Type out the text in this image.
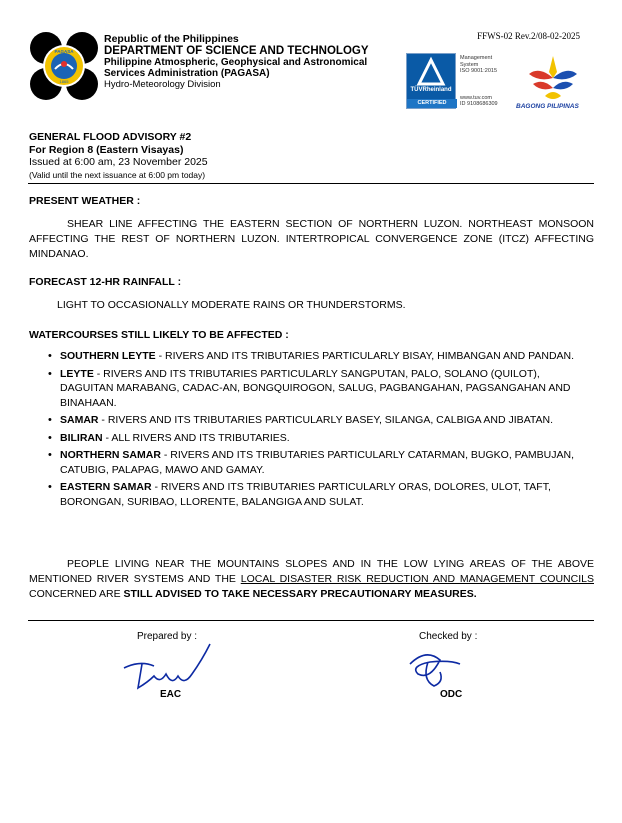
FFWS-02 Rev.2/08-02-2025
PAGASA
1865
Republic of the Philippines
DEPARTMENT OF SCIENCE AND TECHNOLOGY
Philippine Atmospheric, Geophysical and Astronomical
Services Administration (PAGASA)
Hydro-Meteorology Division	TÜVRheinland
CERTIFIED
Management
System
ISO 9001:2015
www.tuv.com
ID 9108686309	BAGONG PILIPINAS
GENERAL FLOOD ADVISORY #2
For Region 8 (Eastern Visayas)
Issued at 6:00 am, 23 November 2025
(Valid until the next issuance at 6:00 pm today)
PRESENT WEATHER :
SHEAR LINE AFFECTING THE EASTERN SECTION OF NORTHERN LUZON. NORTHEAST MONSOON AFFECTING THE REST OF NORTHERN LUZON. INTERTROPICAL CONVERGENCE ZONE (ITCZ) AFFECTING MINDANAO.
FORECAST 12-HR RAINFALL :
LIGHT TO OCCASIONALLY MODERATE RAINS OR THUNDERSTORMS.
WATERCOURSES STILL LIKELY TO BE AFFECTED :
• SOUTHERN LEYTE - RIVERS AND ITS TRIBUTARIES PARTICULARLY BISAY, HIMBANGAN AND PANDAN.
• LEYTE - RIVERS AND ITS TRIBUTARIES PARTICULARLY SANGPUTAN, PALO, SOLANO (QUILOT), DAGUITAN MARABANG, CADAC-AN, BONGQUIROGON, SALUG, PAGBANGAHAN, PAGSANGAHAN AND BINAHAAN.
• SAMAR - RIVERS AND ITS TRIBUTARIES PARTICULARLY BASEY, SILANGA, CALBIGA AND JIBATAN.
• BILIRAN - ALL RIVERS AND ITS TRIBUTARIES.
• NORTHERN SAMAR - RIVERS AND ITS TRIBUTARIES PARTICULARLY CATARMAN, BUGKO, PAMBUJAN, CATUBIG, PALAPAG, MAWO AND GAMAY.
• EASTERN SAMAR - RIVERS AND ITS TRIBUTARIES PARTICULARLY ORAS, DOLORES, ULOT, TAFT, BORONGAN, SURIBAO, LLORENTE, BALANGIGA AND SULAT.
PEOPLE LIVING NEAR THE MOUNTAINS SLOPES AND IN THE LOW LYING AREAS OF THE ABOVE MENTIONED RIVER SYSTEMS AND THE LOCAL DISASTER RISK REDUCTION AND MANAGEMENT COUNCILS CONCERNED ARE STILL ADVISED TO TAKE NECESSARY PRECAUTIONARY MEASURES.
Prepared by :
EAC
Checked by :
ODC
